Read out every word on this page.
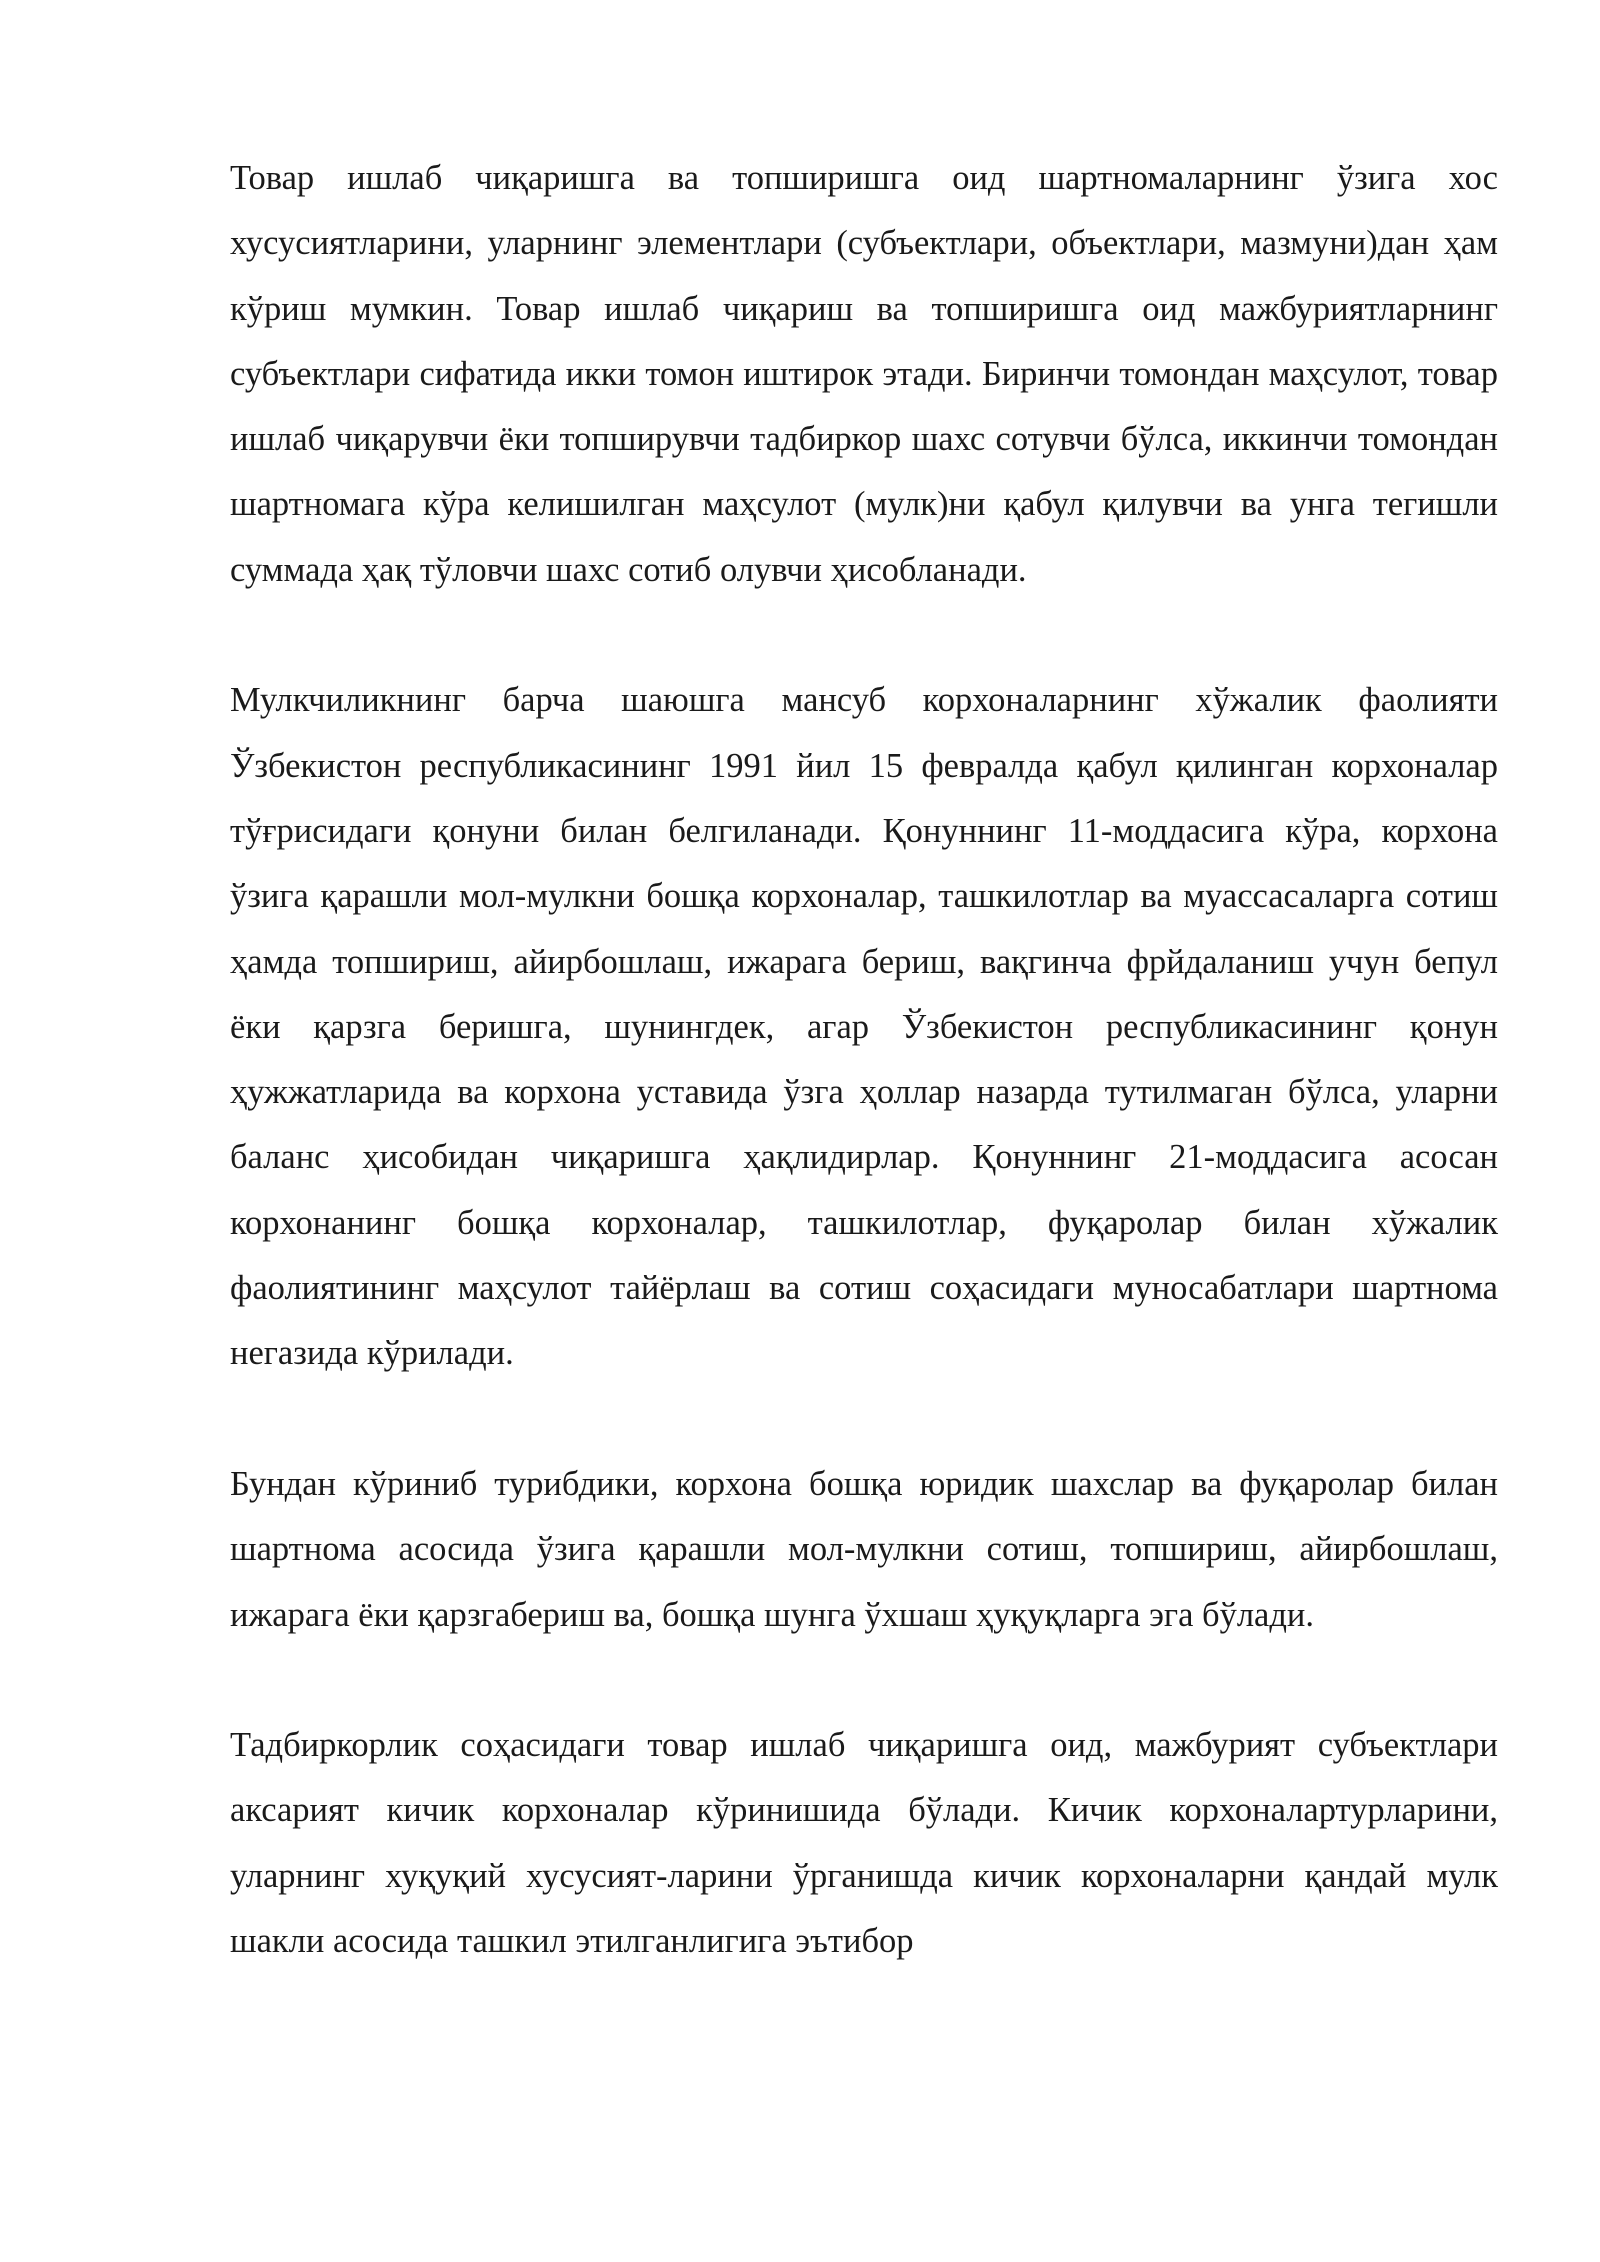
Товар ишлаб чиқаришга ва топширишга оид шартномаларнинг ўзига хос хусусиятларини, уларнинг элементлари (субъектлари, объектлари, мазмуни)дан ҳам кўриш мумкин. Товар ишлаб чиқариш ва топширишга оид мажбуриятларнинг субъектлари сифатида икки томон иштирок этади. Биринчи томондан маҳсулот, товар ишлаб чиқарувчи ёки топширувчи тадбиркор шахс сотувчи бўлса, иккинчи томондан шартномага кўра келишилган маҳсулот (мулк)ни қабул қилувчи ва унга тегишли суммада ҳақ тўловчи шахс сотиб олувчи ҳисобланади.

Мулкчиликнинг барча шаюшга мансуб корхоналарнинг хўжалик фаолияти Ўзбекистон республикасининг 1991 йил 15 февралда қабул қилинган корхоналар тўғрисидаги қонуни билан белгиланади. Қонуннинг 11-моддасига кўра, корхона ўзига қарашли мол-мулкни бошқа корхоналар, ташкилотлар ва муассасаларга сотиш ҳамда топшириш, айирбошлаш, ижарага бериш, вақгинча фрйдаланиш учун бепул ёки қарзга беришга, шунингдек, агар Ўзбекистон республикасининг қонун ҳужжатларида ва корхона уставида ўзга ҳоллар назарда тутилмаган бўлса, уларни баланс ҳисобидан чиқаришга ҳақлидирлар. Қонуннинг 21-моддасига асосан корхонанинг бошқа корхоналар, ташкилотлар, фуқаролар билан хўжалик фаолиятининг маҳсулот тайёрлаш ва сотиш соҳасидаги муносабатлари шартнома негазида кўрилади.

Бундан кўриниб турибдики, корхона бошқа юридик шахслар ва фуқаролар билан шартнома асосида ўзига қарашли мол-мулкни сотиш, топшириш, айирбошлаш, ижарага ёки қарзгабериш ва, бошқа шунга ўхшаш ҳуқуқларга эга бўлади.

Тадбиркорлик соҳасидаги товар ишлаб чиқаришга оид, мажбурият субъектлари аксарият кичик корхоналар кўринишида бўлади. Кичик корхоналартурларини, уларнинг хуқуқий хусусият-ларини ўрганишда кичик корхоналарни қандай мулк шакли асосида ташкил этилганлигига эътибор
